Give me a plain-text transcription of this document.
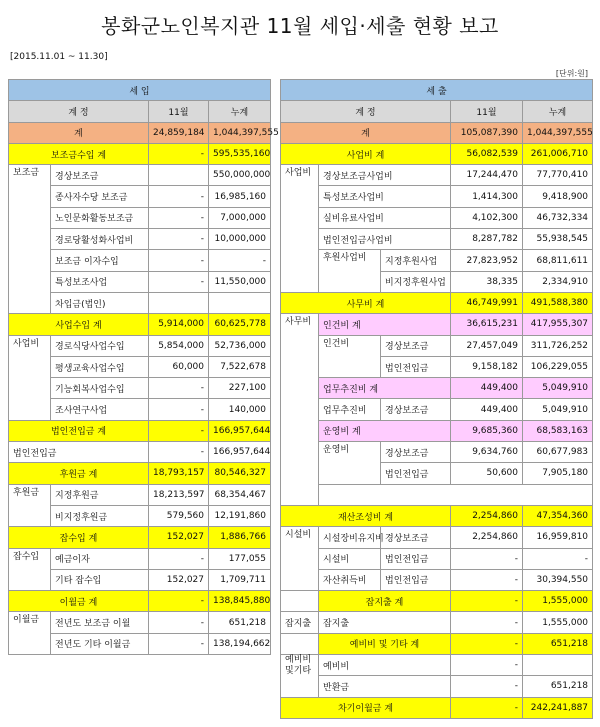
봉화군노인복지관 11월 세입·세출 현황 보고
[2015.11.01 ~ 11.30]
[단위:원]
세 입			
계 정		11월	누계
계		24,859,184	1,044,397,555
보조금수입 계		-	595,535,160
보조금	경상보조금		550,000,000
	종사자수당 보조금	-	16,985,160
	노인문화활동보조금	-	7,000,000
	경로당활성화사업비	-	10,000,000
	보조금 이자수입	-	-
	특성보조사업	-	11,550,000
	차입금(법인)		
사업수입 계		5,914,000	60,625,778
사업비	경로식당사업수입	5,854,000	52,736,000
	평생교육사업수입	60,000	7,522,678
	기능회복사업수입	-	227,100
	조사연구사업	-	140,000
법인전입금 계		-	166,957,644
법인전입금		-	166,957,644
후원금 계		18,793,157	80,546,327
후원금	지정후원금	18,213,597	68,354,467
	비지정후원금	579,560	12,191,860
잡수입 계		152,027	1,886,766
잡수입	예금이자	-	177,055
	기타 잡수입	152,027	1,709,711
이월금 계		-	138,845,880
이월금	전년도 보조금 이월	-	651,218
	전년도 기타 이월금	-	138,194,662
세 출				
계 정			11월	누계
계			105,087,390	1,044,397,555
사업비 계			56,082,539	261,006,710
사업비	경상보조금사업비		17,244,470	77,770,410
	특성보조사업비		1,414,300	9,418,900
	실비유료사업비		4,102,300	46,732,334
	법인전입금사업비		8,287,782	55,938,545
	후원사업비	지정후원사업	27,823,952	68,811,611
		비지정후원사업	38,335	2,334,910
사무비 계			46,749,991	491,588,380
사무비	인건비 계		36,615,231	417,955,307
	인건비	경상보조금	27,457,049	311,726,252
		법인전입금	9,158,182	106,229,055
	업무추진비 계		449,400	5,049,910
	업무추진비	경상보조금	449,400	5,049,910
	운영비 계		9,685,360	68,583,163
	운영비	경상보조금	9,634,760	60,677,983
		법인전입금	50,600	7,905,180

재산조성비 계			2,254,860	47,354,360
시설비	시설장비유지비	경상보조금	2,254,860	16,959,810
	시설비	법인전입금	-	-
	자산취득비	법인전입금	-	30,394,550
	잡지출 계		-	1,555,000
잡지출	잡지출		-	1,555,000
	예비비 및 기타 계		-	651,218
예비비 및기타	예비비		-	
	반환금		-	651,218
차기이월금 계			-	242,241,887
